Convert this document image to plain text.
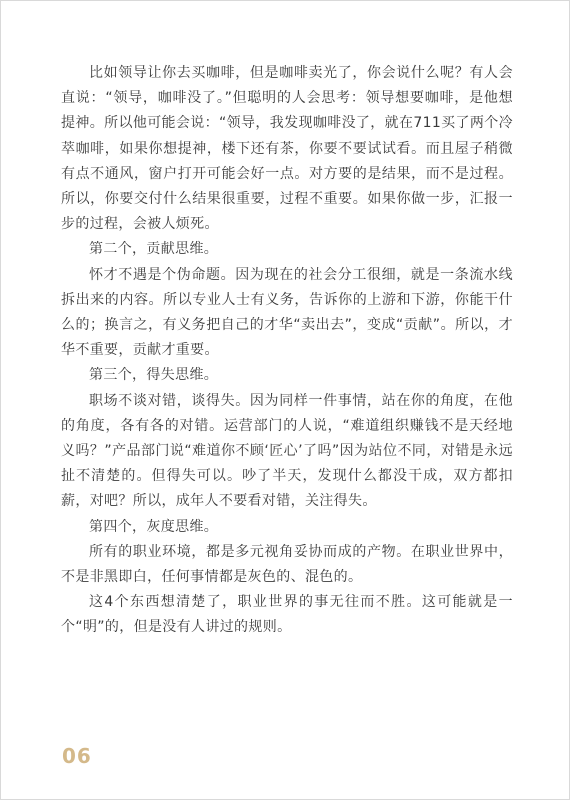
比如领导让你去买咖啡，但是咖啡卖光了，你会说什么呢？有人会直说：“领导，咖啡没了。”但聪明的人会思考：领导想要咖啡，是他想提神。所以他可能会说：“领导，我发现咖啡没了，就在711买了两个冷萃咖啡，如果你想提神，楼下还有茶，你要不要试试看。而且屋子稍微有点不通风，窗户打开可能会好一点。对方要的是结果，而不是过程。所以，你要交付什么结果很重要，过程不重要。如果你做一步，汇报一步的过程，会被人烦死。

第二个，贡献思维。

怀才不遇是个伪命题。因为现在的社会分工很细，就是一条流水线拆出来的内容。所以专业人士有义务，告诉你的上游和下游，你能干什么的；换言之，有义务把自己的才华“卖出去”，变成“贡献”。所以，才华不重要，贡献才重要。

第三个，得失思维。

职场不谈对错，谈得失。因为同样一件事情，站在你的角度，在他的角度，各有各的对错。运营部门的人说，“难道组织赚钱不是天经地义吗？”产品部门说“难道你不顾‘匠心’了吗”因为站位不同，对错是永远扯不清楚的。但得失可以。吵了半天，发现什么都没干成，双方都扣薪，对吧？所以，成年人不要看对错，关注得失。

第四个，灰度思维。

所有的职业环境，都是多元视角妥协而成的产物。在职业世界中，不是非黑即白，任何事情都是灰色的、混色的。

这4个东西想清楚了，职业世界的事无往而不胜。这可能就是一个“明”的，但是没有人讲过的规则。

06
